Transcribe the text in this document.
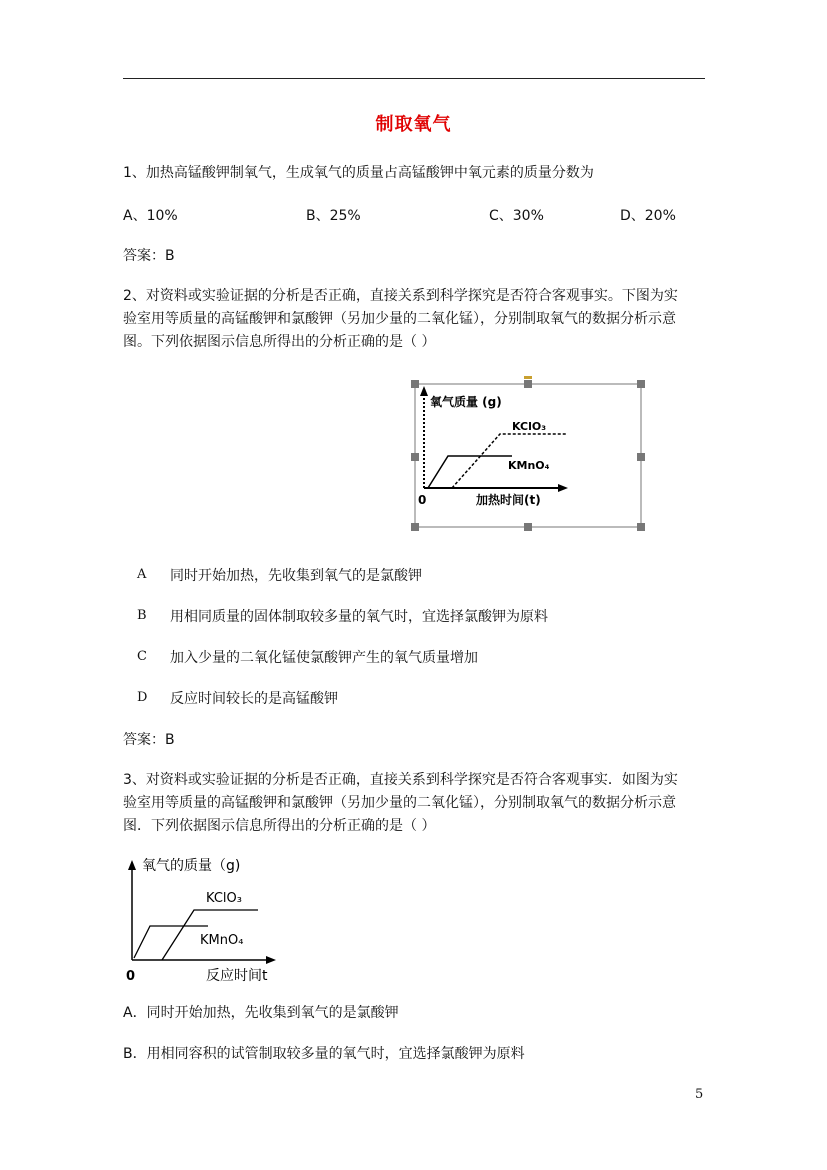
制取氧气
1、加热高锰酸钾制氧气，生成氧气的质量占高锰酸钾中氧元素的质量分数为
A、10%	B、25%	C、30%	D、20%
答案：B
2、对资料或实验证据的分析是否正确，直接关系到科学探究是否符合客观事实。下图为实
验室用等质量的高锰酸钾和氯酸钾（另加少量的二氧化锰），分别制取氧气的数据分析示意
图。下列依据图示信息所得出的分析正确的是（ ）
氧气质量 (g)
KClO₃
KMnO₄
0	加热时间(t)
A 同时开始加热，先收集到氧气的是氯酸钾
B 用相同质量的固体制取较多量的氧气时，宜选择氯酸钾为原料
C 加入少量的二氧化锰使氯酸钾产生的氧气质量增加
D 反应时间较长的是高锰酸钾
答案：B
3、对资料或实验证据的分析是否正确，直接关系到科学探究是否符合客观事实．如图为实
验室用等质量的高锰酸钾和氯酸钾（另加少量的二氧化锰），分别制取氧气的数据分析示意
图．下列依据图示信息所得出的分析正确的是（ ）
氧气的质量（g)
KClO₃
KMnO₄
0	反应时间t
A．同时开始加热，先收集到氧气的是氯酸钾
B．用相同容积的试管制取较多量的氧气时，宜选择氯酸钾为原料
5
